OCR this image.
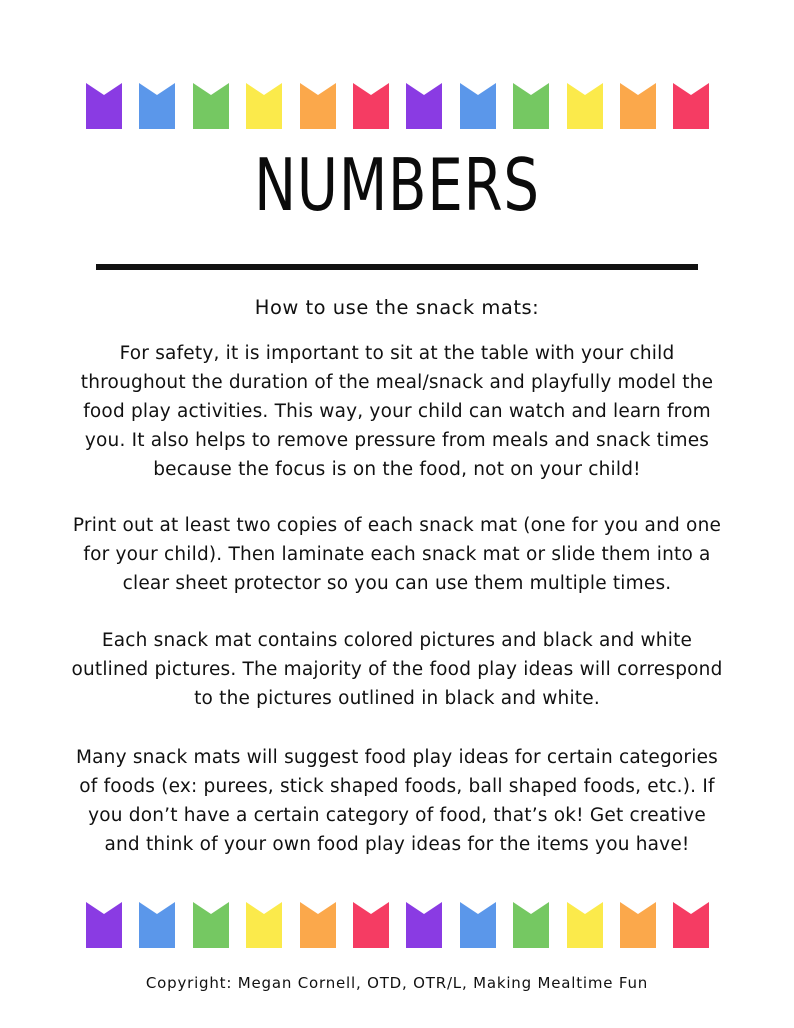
NUMBERS

How to use the snack mats:

For safety, it is important to sit at the table with your child throughout the duration of the meal/snack and playfully model the food play activities. This way, your child can watch and learn from you. It also helps to remove pressure from meals and snack times because the focus is on the food, not on your child!

Print out at least two copies of each snack mat (one for you and one for your child). Then laminate each snack mat or slide them into a clear sheet protector so you can use them multiple times.

Each snack mat contains colored pictures and black and white outlined pictures. The majority of the food play ideas will correspond to the pictures outlined in black and white.

Many snack mats will suggest food play ideas for certain categories of foods (ex: purees, stick shaped foods, ball shaped foods, etc.). If you don’t have a certain category of food, that’s ok! Get creative and think of your own food play ideas for the items you have!

Copyright: Megan Cornell, OTD, OTR/L, Making Mealtime Fun
